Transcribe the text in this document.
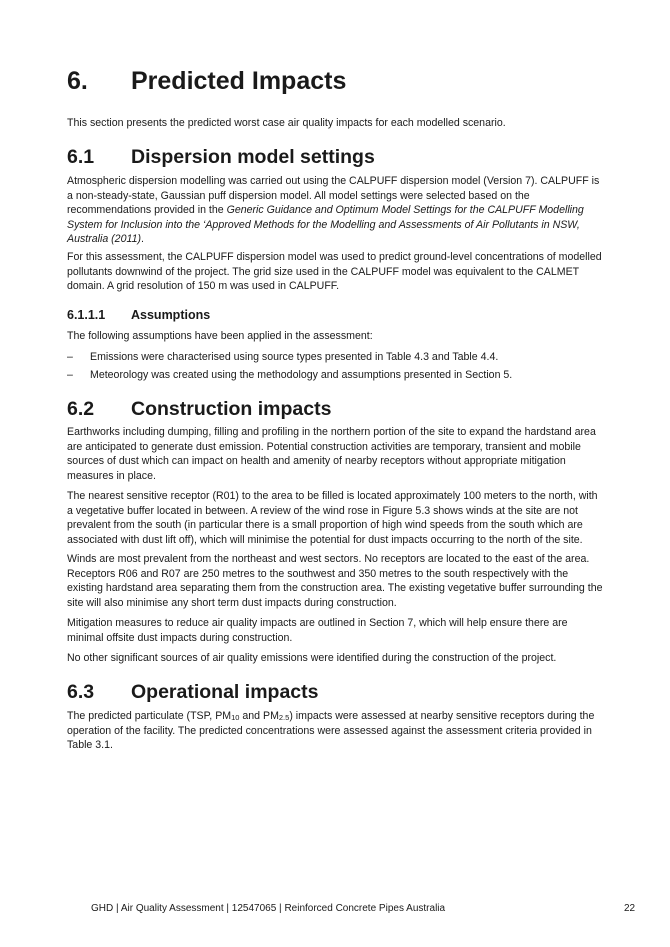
6. Predicted Impacts

This section presents the predicted worst case air quality impacts for each modelled scenario.

6.1 Dispersion model settings
Atmospheric dispersion modelling was carried out using the CALPUFF dispersion model (Version 7). CALPUFF is
a non-steady-state, Gaussian puff dispersion model. All model settings were selected based on the
recommendations provided in the Generic Guidance and Optimum Model Settings for the CALPUFF Modelling
System for Inclusion into the ‘Approved Methods for the Modelling and Assessments of Air Pollutants in NSW,
Australia (2011).
For this assessment, the CALPUFF dispersion model was used to predict ground-level concentrations of modelled
pollutants downwind of the project. The grid size used in the CALPUFF model was equivalent to the CALMET
domain. A grid resolution of 150 m was used in CALPUFF.
6.1.1.1 Assumptions

The following assumptions have been applied in the assessment:

– Emissions were characterised using source types presented in Table 4.3 and Table 4.4.
– Meteorology was created using the methodology and assumptions presented in Section 5.
6.2 Construction impacts
Earthworks including dumping, filling and profiling in the northern portion of the site to expand the hardstand area
are anticipated to generate dust emission. Potential construction activities are temporary, transient and mobile
sources of dust which can impact on health and amenity of nearby receptors without appropriate mitigation
measures in place.
The nearest sensitive receptor (R01) to the area to be filled is located approximately 100 meters to the north, with
a vegetative buffer located in between. A review of the wind rose in Figure 5.3 shows winds at the site are not
prevalent from the south (in particular there is a small proportion of high wind speeds from the south which are
associated with dust lift off), which will minimise the potential for dust impacts occurring to the north of the site.
Winds are most prevalent from the northeast and west sectors. No receptors are located to the east of the area.
Receptors R06 and R07 are 250 metres to the southwest and 350 metres to the south respectively with the
existing hardstand area separating them from the construction area. The existing vegetative buffer surrounding the
site will also minimise any short term dust impacts during construction.
Mitigation measures to reduce air quality impacts are outlined in Section 7, which will help ensure there are
minimal offsite dust impacts during construction.

No other significant sources of air quality emissions were identified during the construction of the project.

6.3 Operational impacts
The predicted particulate (TSP, $PM_{10}$ and $PM_{2.5}$) impacts were assessed at nearby sensitive receptors during the
operation of the facility. The predicted concentrations were assessed against the assessment criteria provided in
Table 3.1.
GHD | Air Quality Assessment | 12547065 | Reinforced Concrete Pipes Australia	22
